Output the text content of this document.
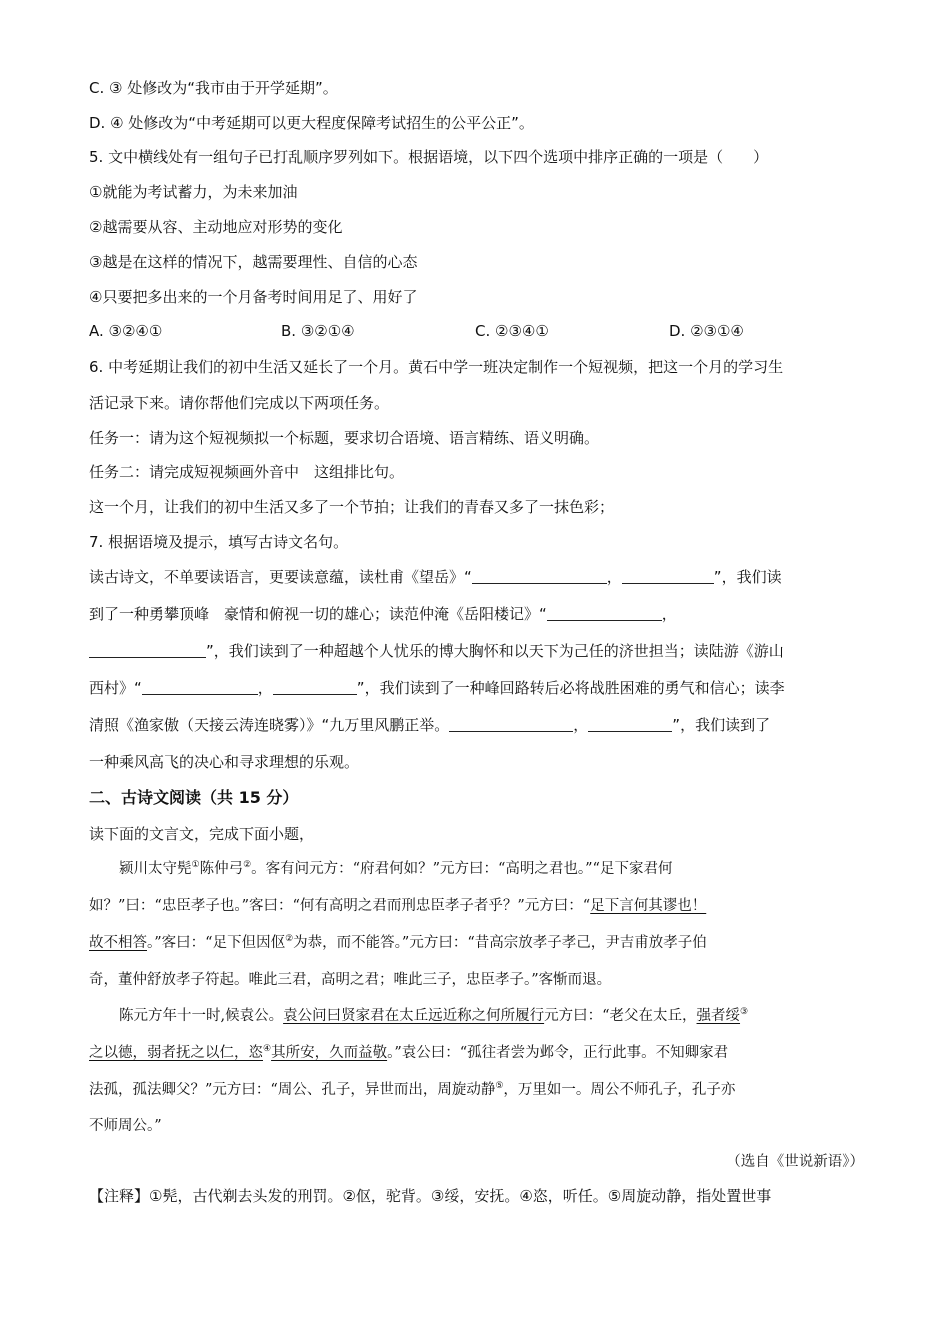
C. ③ 处修改为“我市由于开学延期”。
D. ④ 处修改为“中考延期可以更大程度保障考试招生的公平公正”。
5. 文中横线处有一组句子已打乱顺序罗列如下。根据语境，以下四个选项中排序正确的一项是（　　）
①就能为考试蓄力，为未来加油
②越需要从容、主动地应对形势的变化
③越是在这样的情况下，越需要理性、自信的心态
④只要把多出来的一个月备考时间用足了、用好了
A. ③②④①	B. ③②①④	C. ②③④①	D. ②③①④
6. 中考延期让我们的初中生活又延长了一个月。黄石中学一班决定制作一个短视频，把这一个月的学习生
活记录下来。请你帮他们完成以下两项任务。
任务一：请为这个短视频拟一个标题，要求切合语境、语言精练、语义明确。
任务二：请完成短视频画外音中　这组排比句。
这一个月，让我们的初中生活又多了一个节拍；让我们的青春又多了一抹色彩；
7. 根据语境及提示，填写古诗文名句。
读古诗文，不单要读语言，更要读意蕴，读杜甫《望岳》“	，	”，我们读
到了一种勇攀顶峰　豪情和俯视一切的雄心；读范仲淹《岳阳楼记》“	，
”，我们读到了一种超越个人忧乐的博大胸怀和以天下为己任的济世担当；读陆游《游山
西村》“	，	”，我们读到了一种峰回路转后必将战胜困难的勇气和信心；读李
清照《渔家傲（天接云涛连晓雾）》“九万里风鹏正举。	，	”，我们读到了
一种乘风高飞的决心和寻求理想的乐观。
二、古诗文阅读（共 15 分）
读下面的文言文，完成下面小题，
颍川太守髡①陈仲弓②。客有问元方：“府君何如？”元方曰：“高明之君也。”“足下家君何
如？”曰：“忠臣孝子也。”客曰：“何有高明之君而刑忠臣孝子者乎？”元方曰：“足下言何其谬也！
故不相答。”客曰：“足下但因伛②为恭，而不能答。”元方曰：“昔高宗放孝子孝己，尹吉甫放孝子伯
奇，董仲舒放孝子符起。唯此三君，高明之君；唯此三子，忠臣孝子。”客惭而退。
陈元方年十一时,候袁公。袁公问曰贤家君在太丘远近称之何所履行元方曰：“老父在太丘，强者绥③
之以德，弱者抚之以仁，恣④其所安，久而益敬。”袁公曰：“孤往者尝为邺令，正行此事。不知卿家君
法孤，孤法卿父？”元方曰：“周公、孔子，异世而出，周旋动静⑤，万里如一。周公不师孔子，孔子亦
不师周公。”
（选自《世说新语》）
【注释】①髡，古代剃去头发的刑罚。②伛，驼背。③绥，安抚。④恣，听任。⑤周旋动静，指处置世事
